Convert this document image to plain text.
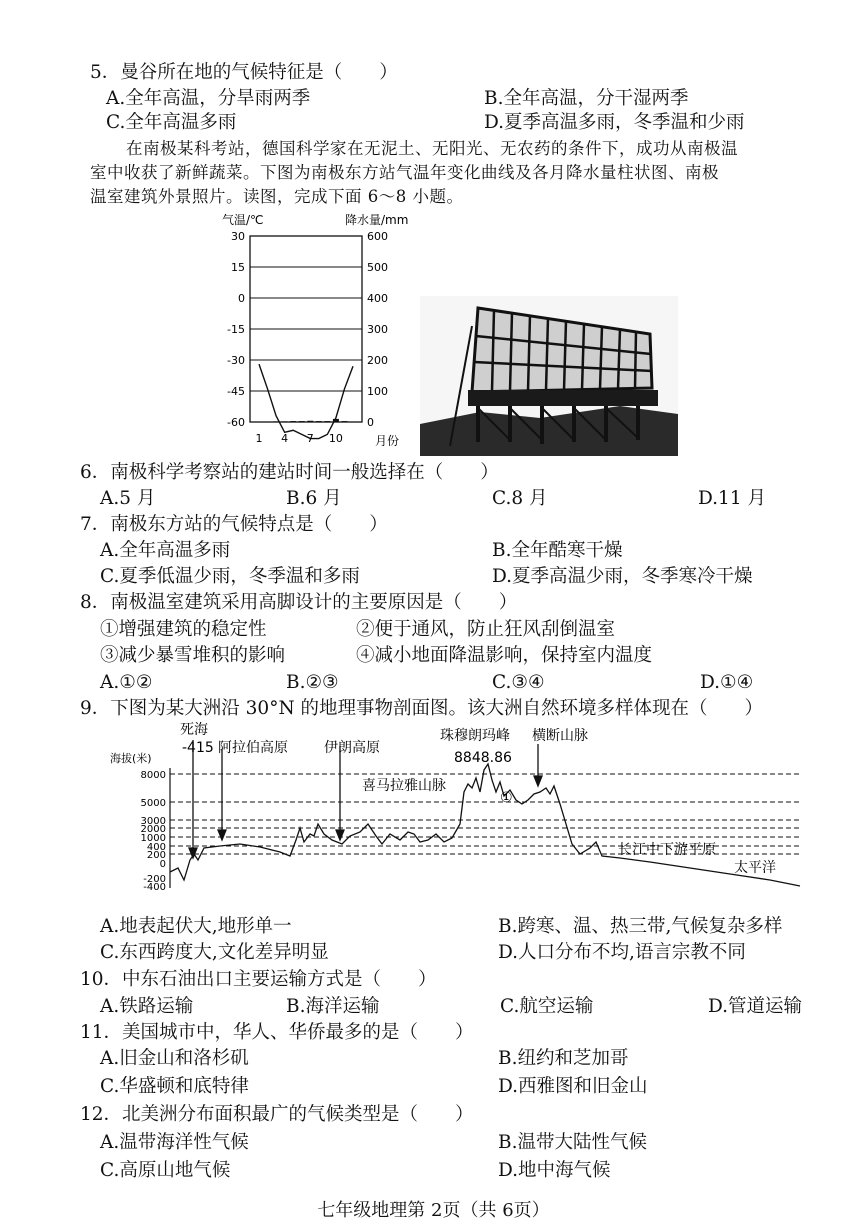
5．曼谷所在地的气候特征是（　　）
A.全年高温，分旱雨两季	B.全年高温，分干湿两季
C.全年高温多雨	D.夏季高温多雨，冬季温和少雨
在南极某科考站，德国科学家在无泥土、无阳光、无农药的条件下，成功从南极温
室中收获了新鲜蔬菜。下图为南极东方站气温年变化曲线及各月降水量柱状图、南极
温室建筑外景照片。读图，完成下面 6～8 小题。
气温/℃	降水量/mm
30
15
0
-15
-30
-45
-60
600
500
400
300
200
100
0
1 4 7 10	月份
6．南极科学考察站的建站时间一般选择在（　　）
A.5 月	B.6 月	C.8 月	D.11 月
7．南极东方站的气候特点是（　　）
A.全年高温多雨	B.全年酷寒干燥
C.夏季低温少雨，冬季温和多雨	D.夏季高温少雨，冬季寒冷干燥
8．南极温室建筑采用高脚设计的主要原因是（　　）
①增强建筑的稳定性	②便于通风，防止狂风刮倒温室
③减少暴雪堆积的影响	④减小地面降温影响，保持室内温度
A.①②	B.②③	C.③④	D.①④
9．下图为某大洲沿 30°N 的地理事物剖面图。该大洲自然环境多样体现在（　　）
海拔(米)
8000
5000
3000
2000
1000
400
200
0
-200
-400
死海
-415 阿拉伯高原	伊朗高原
珠穆朗玛峰
8848.86
横断山脉
喜马拉雅山脉
①
长江中下游平原
太平洋
A.地表起伏大,地形单一	B.跨寒、温、热三带,气候复杂多样
C.东西跨度大,文化差异明显	D.人口分布不均,语言宗教不同
10．中东石油出口主要运输方式是（　　）
A.铁路运输	B.海洋运输	C.航空运输	D.管道运输
11．美国城市中，华人、华侨最多的是（　　）
A.旧金山和洛杉矶	B.纽约和芝加哥
C.华盛顿和底特律	D.西雅图和旧金山
12．北美洲分布面积最广的气候类型是（　　）
A.温带海洋性气候	B.温带大陆性气候
C.高原山地气候	D.地中海气候
七年级地理第 2页（共 6页）
